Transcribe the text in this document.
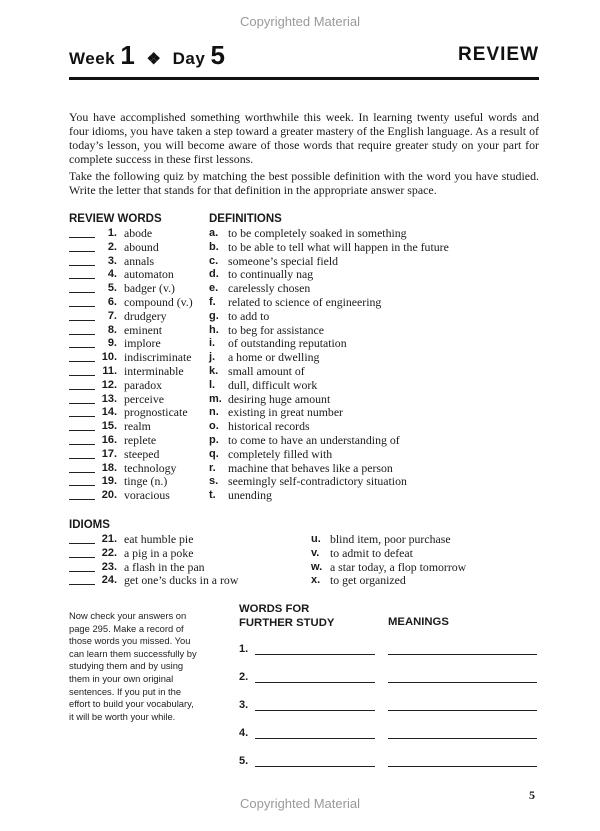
Copyrighted Material
Week 1 ❖ Day 5	REVIEW

You have accomplished something worthwhile this week. In learning twenty useful words and four idioms, you have taken a step toward a greater mastery of the English language. As a result of today’s lesson, you will become aware of those words that require greater study on your part for complete success in these first lessons.

Take the following quiz by matching the best possible definition with the word you have studied. Write the letter that stands for that definition in the appropriate answer space.

REVIEW WORDS	DEFINITIONS
1. abode	a. to be completely soaked in something
2. abound	b. to be able to tell what will happen in the future
3. annals	c. someone’s special field
4. automaton	d. to continually nag
5. badger (v.)	e. carelessly chosen
6. compound (v.) f. related to science of engineering
7. drudgery	g. to add to
8. eminent	h. to beg for assistance
9. implore	i. of outstanding reputation
10. indiscriminate j. a home or dwelling
11. interminable k. small amount of
12. paradox	l. dull, difficult work
13. perceive	m. desiring huge amount
14. prognosticate n. existing in great number
15. realm	o. historical records
16. replete	p. to come to have an understanding of
17. steeped	q. completely filled with
18. technology	r. machine that behaves like a person
19. tinge (n.)	s. seemingly self-contradictory situation
20. voracious	t. unending
IDIOMS
21. eat humble pie	u. blind item, poor purchase
22. a pig in a poke	v. to admit to defeat
23. a flash in the pan	w. a star today, a flop tomorrow
24. get one’s ducks in a row	x. to get organized
Now check your answers on page 295. Make a record of those words you missed. You can learn them successfully by studying them and by using them in your own original sentences. If you put in the effort to build your vocabulary, it will be worth your while.
WORDS FOR
FURTHER STUDY	MEANINGS
1.
2.
3.
4.
5.
5
Copyrighted Material
